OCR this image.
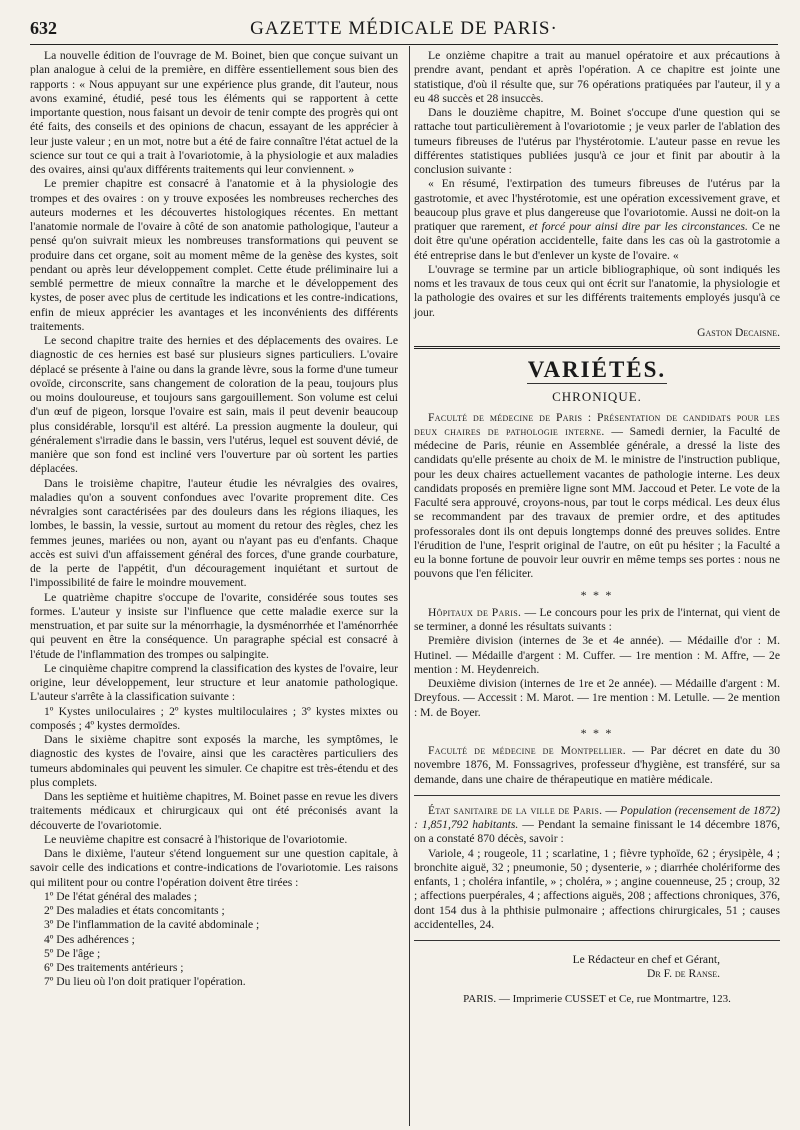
632	GAZETTE MÉDICALE DE PARIS·

La nouvelle édition de l'ouvrage de M. Boinet, bien que conçue suivant un plan analogue à celui de la première, en diffère essentiellement sous bien des rapports : « Nous appuyant sur une expérience plus grande, dit l'auteur, nous avons examiné, étudié, pesé tous les éléments qui se rapportent à cette importante question, nous faisant un devoir de tenir compte des progrès qui ont été faits, des conseils et des opinions de chacun, essayant de les apprécier à leur juste valeur ; en un mot, notre but a été de faire connaître l'état actuel de la science sur tout ce qui a trait à l'ovariotomie, à la physiologie et aux maladies des ovaires, ainsi qu'aux différents traitements qui leur conviennent. »

Le premier chapitre est consacré à l'anatomie et à la physiologie des trompes et des ovaires : on y trouve exposées les nombreuses recherches des auteurs modernes et les découvertes histologiques récentes. En mettant l'anatomie normale de l'ovaire à côté de son anatomie pathologique, l'auteur a pensé qu'on suivrait mieux les nombreuses transformations qui peuvent se produire dans cet organe, soit au moment même de la genèse des kystes, soit pendant ou après leur développement complet. Cette étude préliminaire lui a semblé permettre de mieux connaître la marche et le développement des kystes, de poser avec plus de certitude les indications et les contre-indications, enfin de mieux apprécier les avantages et les inconvénients des différents traitements.

Le second chapitre traite des hernies et des déplacements des ovaires. Le diagnostic de ces hernies est basé sur plusieurs signes particuliers. L'ovaire déplacé se présente à l'aine ou dans la grande lèvre, sous la forme d'une tumeur ovoïde, circonscrite, sans changement de coloration de la peau, toujours plus ou moins douloureuse, et toujours sans gargouillement. Son volume est celui d'un œuf de pigeon, lorsque l'ovaire est sain, mais il peut devenir beaucoup plus considérable, lorsqu'il est altéré. La pression augmente la douleur, qui généralement s'irradie dans le bassin, vers l'utérus, lequel est souvent dévié, de manière que son fond est incliné vers l'ouverture par où sortent les parties déplacées.

Dans le troisième chapitre, l'auteur étudie les névralgies des ovaires, maladies qu'on a souvent confondues avec l'ovarite proprement dite. Ces névralgies sont caractérisées par des douleurs dans les régions iliaques, les lombes, le bassin, la vessie, surtout au moment du retour des règles, chez les femmes jeunes, mariées ou non, ayant ou n'ayant pas eu d'enfants. Chaque accès est suivi d'un affaissement général des forces, d'une grande courbature, de la perte de l'appétit, d'un découragement inquiétant et surtout de l'impossibilité de faire le moindre mouvement.

Le quatrième chapitre s'occupe de l'ovarite, considérée sous toutes ses formes. L'auteur y insiste sur l'influence que cette maladie exerce sur la menstruation, et par suite sur la ménorrhagie, la dysménorrhée et l'aménorrhée qui peuvent en être la conséquence. Un paragraphe spécial est consacré à l'étude de l'inflammation des trompes ou salpingite.

Le cinquième chapitre comprend la classification des kystes de l'ovaire, leur origine, leur développement, leur structure et leur anatomie pathologique. L'auteur s'arrête à la classification suivante :

1º Kystes uniloculaires ; 2º kystes multiloculaires ; 3º kystes mixtes ou composés ; 4º kystes dermoïdes.

Dans le sixième chapitre sont exposés la marche, les symptômes, le diagnostic des kystes de l'ovaire, ainsi que les caractères particuliers des tumeurs abdominales qui peuvent les simuler. Ce chapitre est très-étendu et des plus complets.

Dans les septième et huitième chapitres, M. Boinet passe en revue les divers traitements médicaux et chirurgicaux qui ont été préconisés avant la découverte de l'ovariotomie.

Le neuvième chapitre est consacré à l'historique de l'ovariotomie.

Dans le dixième, l'auteur s'étend longuement sur une question capitale, à savoir celle des indications et contre-indications de l'ovariotomie. Les raisons qui militent pour ou contre l'opération doivent être tirées :

1º De l'état général des malades ;
2º Des maladies et états concomitants ;
3º De l'inflammation de la cavité abdominale ;
4º Des adhérences ;
5º De l'âge ;
6º Des traitements antérieurs ;
7º Du lieu où l'on doit pratiquer l'opération.

Le onzième chapitre a trait au manuel opératoire et aux précautions à prendre avant, pendant et après l'opération. A ce chapitre est jointe une statistique, d'où il résulte que, sur 76 opérations pratiquées par l'auteur, il y a eu 48 succès et 28 insuccès.

Dans le douzième chapitre, M. Boinet s'occupe d'une question qui se rattache tout particulièrement à l'ovariotomie ; je veux parler de l'ablation des tumeurs fibreuses de l'utérus par l'hystérotomie. L'auteur passe en revue les différentes statistiques publiées jusqu'à ce jour et finit par aboutir à la conclusion suivante :

« En résumé, l'extirpation des tumeurs fibreuses de l'utérus par la gastrotomie, et avec l'hystérotomie, est une opération excessivement grave, et beaucoup plus grave et plus dangereuse que l'ovariotomie. Aussi ne doit-on la pratiquer que rarement, et forcé pour ainsi dire par les circonstances. Ce ne doit être qu'une opération accidentelle, faite dans les cas où la gastrotomie a été entreprise dans le but d'enlever un kyste de l'ovaire. «

L'ouvrage se termine par un article bibliographique, où sont indiqués les noms et les travaux de tous ceux qui ont écrit sur l'anatomie, la physiologie et la pathologie des ovaires et sur les différents traitements employés jusqu'à ce jour.

Gaston Decaisne.

VARIÉTÉS.
CHRONIQUE.

Faculté de médecine de Paris : Présentation de candidats pour les deux chaires de pathologie interne. — Samedi dernier, la Faculté de médecine de Paris, réunie en Assemblée générale, a dressé la liste des candidats qu'elle présente au choix de M. le ministre de l'instruction publique, pour les deux chaires actuellement vacantes de pathologie interne. Les deux candidats proposés en première ligne sont MM. Jaccoud et Peter. Le vote de la Faculté sera approuvé, croyons-nous, par tout le corps médical. Les deux élus se recommandent par des travaux de premier ordre, et des aptitudes professorales dont ils ont depuis longtemps donné des preuves solides. Entre l'érudition de l'une, l'esprit original de l'autre, on eût pu hésiter ; la Faculté a eu la bonne fortune de pouvoir leur ouvrir en même temps ses portes : nous ne pouvons que l'en féliciter.

* * *

Hôpitaux de Paris. — Le concours pour les prix de l'internat, qui vient de se terminer, a donné les résultats suivants :

Première division (internes de 3e et 4e année). — Médaille d'or : M. Hutinel. — Médaille d'argent : M. Cuffer. — 1re mention : M. Affre, — 2e mention : M. Heydenreich.

Deuxième division (internes de 1re et 2e année). — Médaille d'argent : M. Dreyfous. — Accessit : M. Marot. — 1re mention : M. Letulle. — 2e mention : M. de Boyer.

* * *

Faculté de médecine de Montpellier. — Par décret en date du 30 novembre 1876, M. Fonssagrives, professeur d'hygiène, est transféré, sur sa demande, dans une chaire de thérapeutique en matière médicale.

État sanitaire de la ville de Paris. — Population (recensement de 1872) : 1,851,792 habitants. — Pendant la semaine finissant le 14 décembre 1876, on a constaté 870 décès, savoir :

Variole, 4 ; rougeole, 11 ; scarlatine, 1 ; fièvre typhoïde, 62 ; érysipèle, 4 ; bronchite aiguë, 32 ; pneumonie, 50 ; dysenterie, » ; diarrhée cholériforme des enfants, 1 ; choléra infantile, » ; choléra, » ; angine couenneuse, 25 ; croup, 32 ; affections puerpérales, 4 ; affections aiguës, 208 ; affections chroniques, 376, dont 154 dus à la phthisie pulmonaire ; affections chirurgicales, 51 ; causes accidentelles, 24.

Le Rédacteur en chef et Gérant,
Dr F. de Ranse.
PARIS. — Imprimerie CUSSET et Ce, rue Montmartre, 123.
